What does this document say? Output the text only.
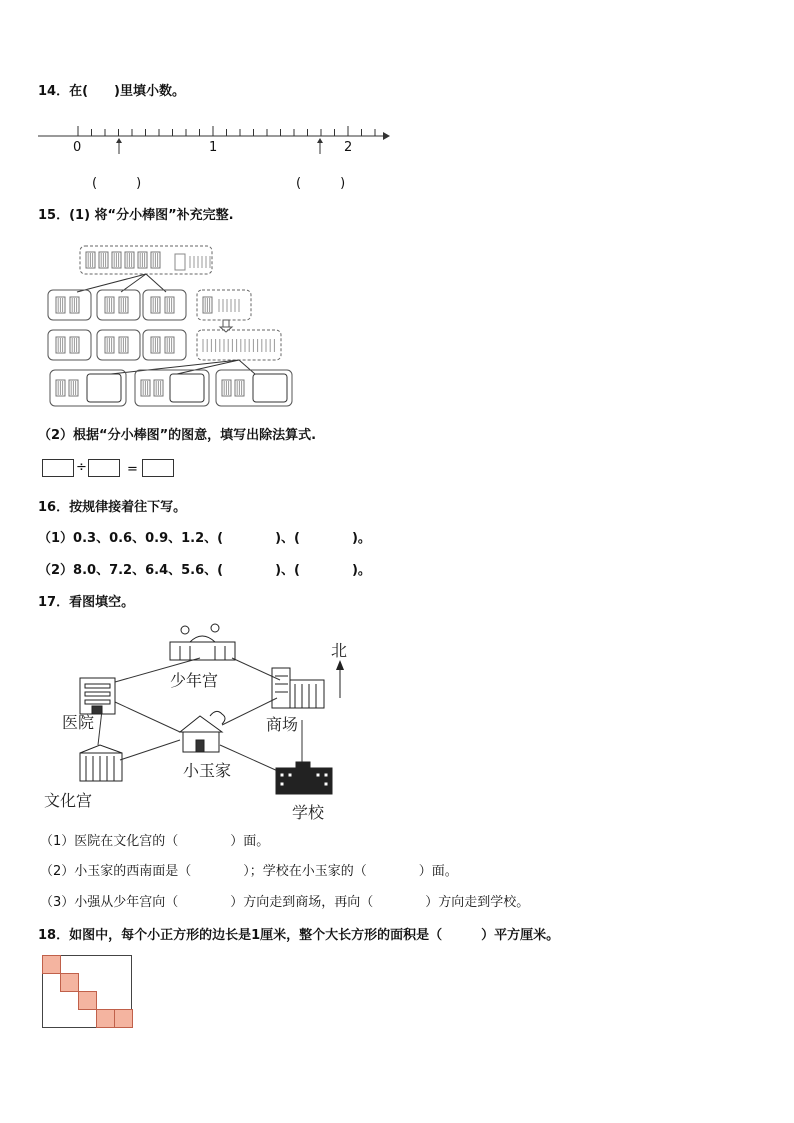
14．在(　　)里填小数。
0	1	2
(　　　)	(　　　)
15．(1) 将“分小棒图”补充完整.
（2）根据“分小棒图”的图意，填写出除法算式.
÷	=
16．按规律接着往下写。
（1）0.3、0.6、0.9、1.2、(　　　　)、(　　　　)。
（2）8.0、7.2、6.4、5.6、(　　　　)、(　　　　)。
17．看图填空。
北
少年宫
医院	商场
小玉家
文化宫
学校
（1）医院在文化宫的（　　　　）面。
（2）小玉家的西南面是（　　　　）；学校在小玉家的（　　　　）面。
（3）小强从少年宫向（　　　　）方向走到商场，再向（　　　　）方向走到学校。
18．如图中，每个小正方形的边长是1厘米，整个大长方形的面积是（　　　）平方厘米。
